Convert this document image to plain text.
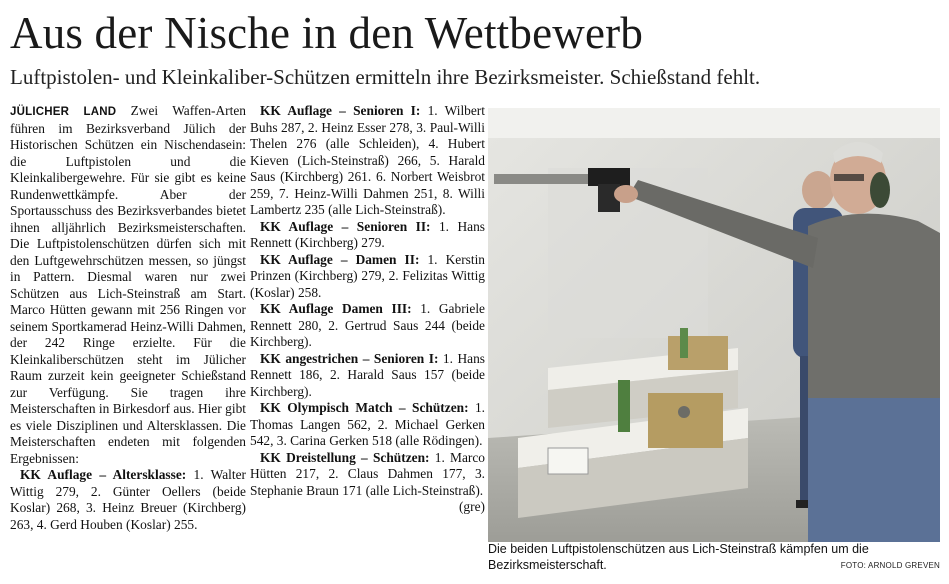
Aus der Nische in den Wettbewerb
Luftpistolen- und Kleinkaliber-Schützen ermitteln ihre Bezirksmeister. Schießstand fehlt.

JÜLICHER LAND Zwei Waffen-Arten führen im Bezirksverband Jülich der Historischen Schützen ein Nischendasein: die Luftpistolen und die Kleinkalibergewehre. Für sie gibt es keine Rundenwettkämpfe. Aber der Sportausschuss des Bezirksverbandes bietet ihnen alljährlich Bezirksmeisterschaften. Die Luftpistolenschützen dürfen sich mit den Luftgewehrschützen messen, so jüngst in Pattern. Diesmal waren nur zwei Schützen aus Lich-Steinstraß am Start. Marco Hütten gewann mit 256 Ringen vor seinem Sportkamerad Heinz-Willi Dahmen, der 242 Ringe erzielte. Für die Kleinkaliberschützen steht im Jülicher Raum zurzeit kein geeigneter Schießstand zur Verfügung. Sie tragen ihre Meisterschaften in Birkesdorf aus. Hier gibt es viele Disziplinen und Altersklassen. Die Meisterschaften endeten mit folgenden Ergebnissen:

KK Auflage – Altersklasse: 1. Walter Wittig 279, 2. Günter Oellers (beide Koslar) 268, 3. Heinz Breuer (Kirchberg) 263, 4. Gerd Houben (Koslar) 255.

KK Auflage – Senioren I: 1. Wilbert Buhs 287, 2. Heinz Esser 278, 3. Paul-Willi Thelen 276 (alle Schleiden), 4. Hubert Kieven (Lich-Steinstraß) 266, 5. Harald Saus (Kirchberg) 261. 6. Norbert Weisbrot 259, 7. Heinz-Willi Dahmen 251, 8. Willi Lambertz 235 (alle Lich-Steinstraß).

KK Auflage – Senioren II: 1. Hans Rennett (Kirchberg) 279.

KK Auflage – Damen II: 1. Kerstin Prinzen (Kirchberg) 279, 2. Felizitas Wittig (Koslar) 258.

KK Auflage Damen III: 1. Gabriele Rennett 280, 2. Gertrud Saus 244 (beide Kirchberg).

KK angestrichen – Senioren I: 1. Hans Rennett 186, 2. Harald Saus 157 (beide Kirchberg).

KK Olympisch Match – Schützen: 1. Thomas Langen 562, 2. Michael Gerken 542, 3. Carina Gerken 518 (alle Rödingen).

KK Dreistellung – Schützen: 1. Marco Hütten 217, 2. Claus Dahmen 177, 3. Stephanie Braun 171 (alle Lich-Steinstraß).
(gre)

Die beiden Luftpistolenschützen aus Lich-Steinstraß kämpfen um die Bezirksmeisterschaft.	FOTO: ARNOLD GREVEN
